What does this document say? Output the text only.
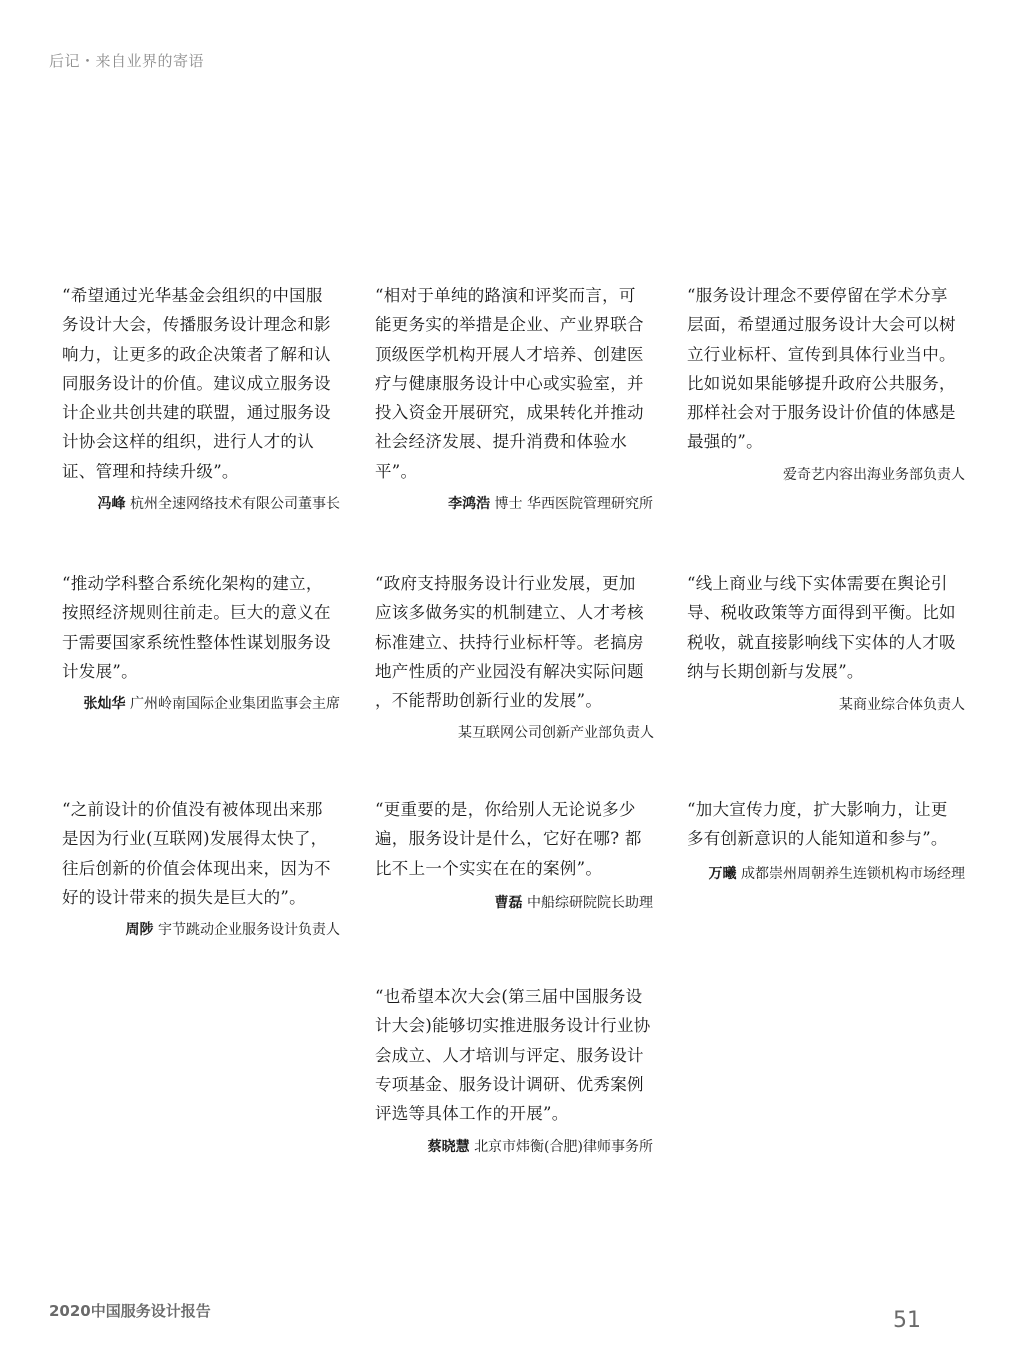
后记・来自业界的寄语
“希望通过光华基金会组织的中国服
务设计大会，传播服务设计理念和影
响力，让更多的政企决策者了解和认
同服务设计的价值。建议成立服务设
计企业共创共建的联盟，通过服务设
计协会这样的组织，进行人才的认
证、管理和持续升级”。
冯峰 杭州全速网络技术有限公司董事长
“相对于单纯的路演和评奖而言，可
能更务实的举措是企业、产业界联合
顶级医学机构开展人才培养、创建医
疗与健康服务设计中心或实验室，并
投入资金开展研究，成果转化并推动
社会经济发展、提升消费和体验水
平”。
李鸿浩 博士 华西医院管理研究所
“服务设计理念不要停留在学术分享
层面，希望通过服务设计大会可以树
立行业标杆、宣传到具体行业当中。
比如说如果能够提升政府公共服务，
那样社会对于服务设计价值的体感是
最强的”。
爱奇艺内容出海业务部负责人
“推动学科整合系统化架构的建立，
按照经济规则往前走。巨大的意义在
于需要国家系统性整体性谋划服务设
计发展”。
张灿华 广州岭南国际企业集团监事会主席
“政府支持服务设计行业发展，更加
应该多做务实的机制建立、人才考核
标准建立、扶持行业标杆等。老搞房
地产性质的产业园没有解决实际问题
，不能帮助创新行业的发展”。
某互联网公司创新产业部负责人
“线上商业与线下实体需要在舆论引
导、税收政策等方面得到平衡。比如
税收，就直接影响线下实体的人才吸
纳与长期创新与发展”。
某商业综合体负责人
“之前设计的价值没有被体现出来那
是因为行业(互联网)发展得太快了，
往后创新的价值会体现出来，因为不
好的设计带来的损失是巨大的”。
周陟 宇节跳动企业服务设计负责人
“更重要的是，你给别人无论说多少
遍，服务设计是什么，它好在哪? 都
比不上一个实实在在的案例”。
曹磊 中船综研院院长助理
“加大宣传力度，扩大影响力，让更
多有创新意识的人能知道和参与”。
万曦 成都崇州周朝养生连锁机构市场经理
“也希望本次大会(第三届中国服务设
计大会)能够切实推进服务设计行业协
会成立、人才培训与评定、服务设计
专项基金、服务设计调研、优秀案例
评选等具体工作的开展”。
蔡晓慧 北京市炜衡(合肥)律师事务所
2020中国服务设计报告	51
